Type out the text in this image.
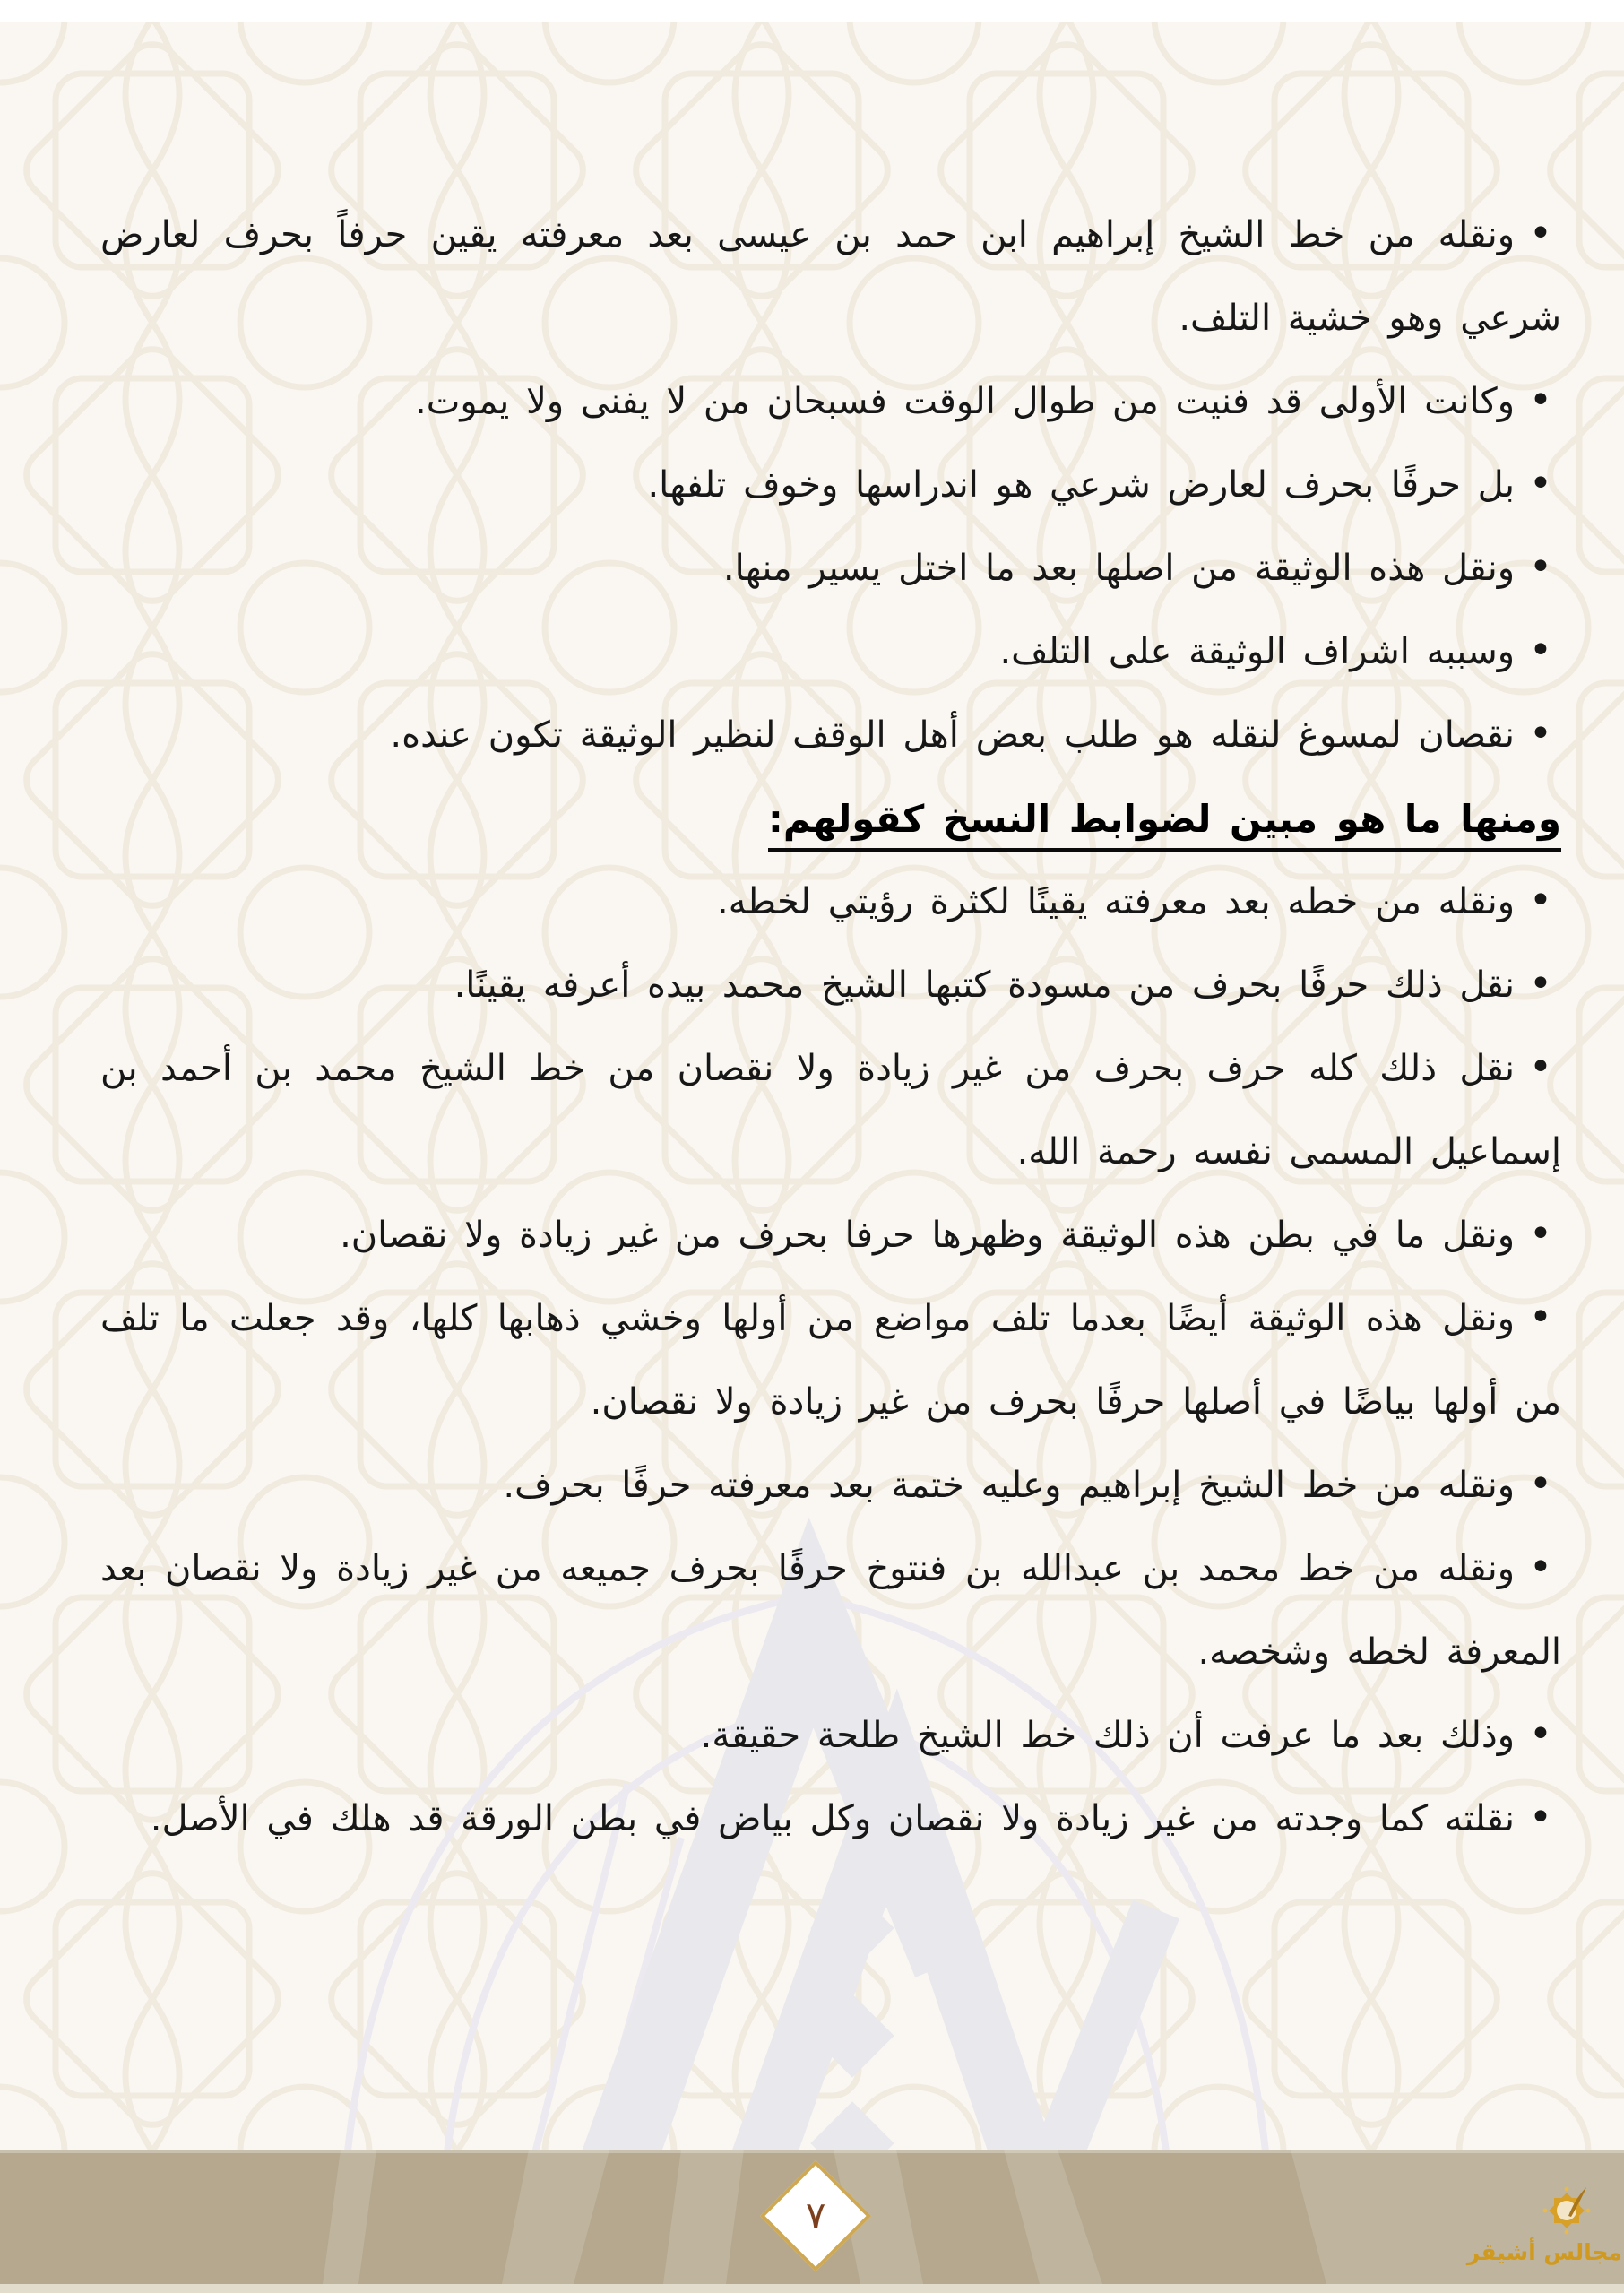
•ونقله من خط الشيخ إبراهيم ابن حمد بن عيسى بعد معرفته يقين حرفاً بحرف لعارض شرعي وهو خشية التلف.

•وكانت الأولى قد فنيت من طوال الوقت فسبحان من لا يفنى ولا يموت.

•بل حرفًا بحرف لعارض شرعي هو اندراسها وخوف تلفها.

•ونقل هذه الوثيقة من اصلها بعد ما اختل يسير منها.

•وسببه اشراف الوثيقة على التلف.

•نقصان لمسوغ لنقله هو طلب بعض أهل الوقف لنظير الوثيقة تكون عنده.

ومنها ما هو مبين لضوابط النسخ كقولهم:

•ونقله من خطه بعد معرفته يقينًا لكثرة رؤيتي لخطه.

•نقل ذلك حرفًا بحرف من مسودة كتبها الشيخ محمد بيده أعرفه يقينًا.

•نقل ذلك كله حرف بحرف من غير زيادة ولا نقصان من خط الشيخ محمد بن أحمد بن إسماعيل المسمى نفسه رحمة الله.

•ونقل ما في بطن هذه الوثيقة وظهرها حرفا بحرف من غير زيادة ولا نقصان.

•ونقل هذه الوثيقة أيضًا بعدما تلف مواضع من أولها وخشي ذهابها كلها، وقد جعلت ما تلف من أولها بياضًا في أصلها حرفًا بحرف من غير زيادة ولا نقصان.

•ونقله من خط الشيخ إبراهيم وعليه ختمة بعد معرفته حرفًا بحرف.

•ونقله من خط محمد بن عبدالله بن فنتوخ حرفًا بحرف جميعه من غير زيادة ولا نقصان بعد المعرفة لخطه وشخصه.

•وذلك بعد ما عرفت أن ذلك خط الشيخ طلحة حقيقة.

•نقلته كما وجدته من غير زيادة ولا نقصان وكل بياض في بطن الورقة قد هلك في الأصل.

٧
مجالس أشيقر
